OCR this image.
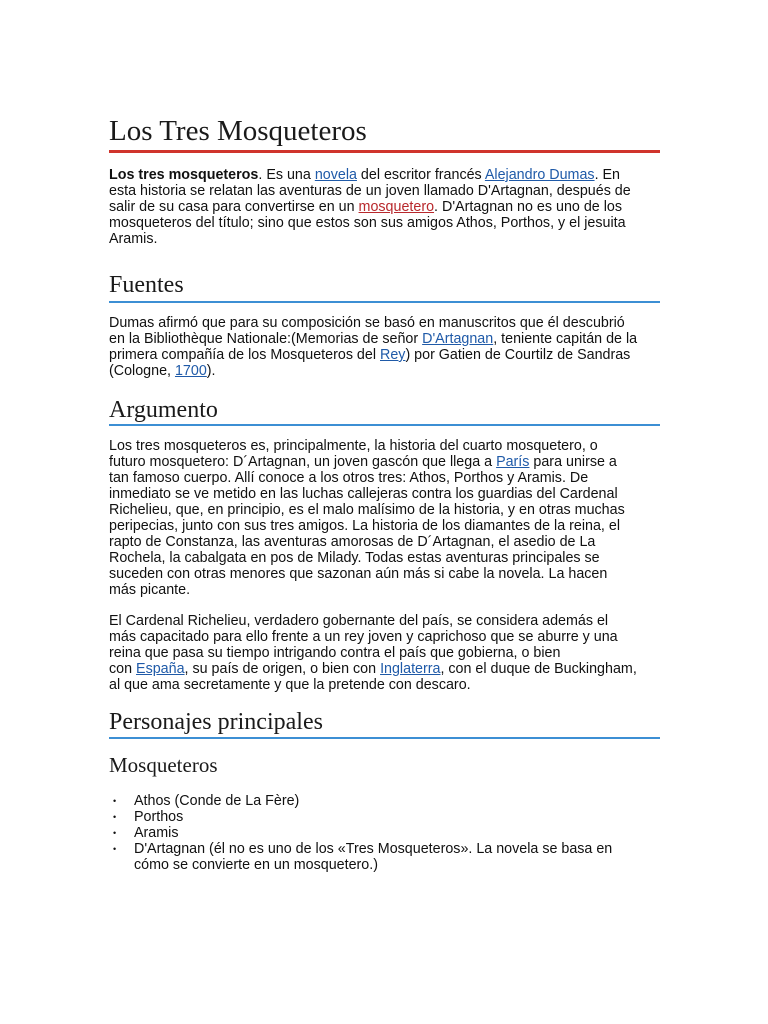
Los Tres Mosqueteros
Los tres mosqueteros. Es una novela del escritor francés Alejandro Dumas. En
esta historia se relatan las aventuras de un joven llamado D'Artagnan, después de
salir de su casa para convertirse en un mosquetero. D'Artagnan no es uno de los
mosqueteros del título; sino que estos son sus amigos Athos, Porthos, y el jesuita
Aramis.
Fuentes
Dumas afirmó que para su composición se basó en manuscritos que él descubrió
en la Bibliothèque Nationale:(Memorias de señor D'Artagnan, teniente capitán de la
primera compañía de los Mosqueteros del Rey) por Gatien de Courtilz de Sandras
(Cologne, 1700).
Argumento
Los tres mosqueteros es, principalmente, la historia del cuarto mosquetero, o
futuro mosquetero: D´Artagnan, un joven gascón que llega a París para unirse a
tan famoso cuerpo. Allí conoce a los otros tres: Athos, Porthos y Aramis. De
inmediato se ve metido en las luchas callejeras contra los guardias del Cardenal
Richelieu, que, en principio, es el malo malísimo de la historia, y en otras muchas
peripecias, junto con sus tres amigos. La historia de los diamantes de la reina, el
rapto de Constanza, las aventuras amorosas de D´Artagnan, el asedio de La
Rochela, la cabalgata en pos de Milady. Todas estas aventuras principales se
suceden con otras menores que sazonan aún más si cabe la novela. La hacen
más picante.
El Cardenal Richelieu, verdadero gobernante del país, se considera además el
más capacitado para ello frente a un rey joven y caprichoso que se aburre y una
reina que pasa su tiempo intrigando contra el país que gobierna, o bien
con España, su país de origen, o bien con Inglaterra, con el duque de Buckingham,
al que ama secretamente y que la pretende con descaro.
Personajes principales
Mosqueteros
• Athos (Conde de La Fère)
• Porthos
• Aramis
• D'Artagnan (él no es uno de los «Tres Mosqueteros». La novela se basa en
cómo se convierte en un mosquetero.)
